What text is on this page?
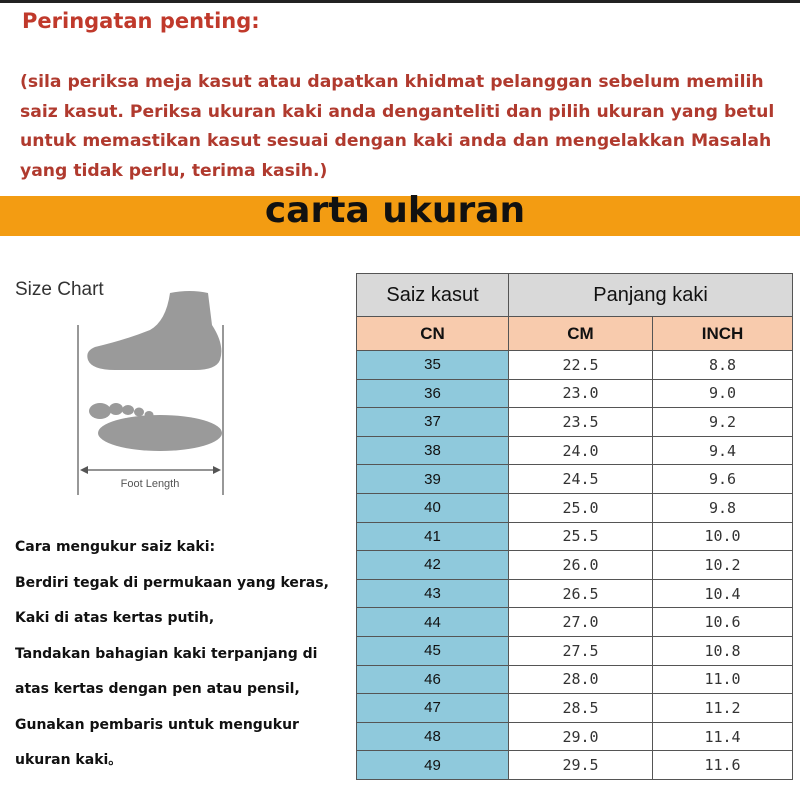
Peringatan penting:
(sila periksa meja kasut atau dapatkan khidmat pelanggan sebelum memilih
saiz kasut. Periksa ukuran kaki anda denganteliti dan pilih ukuran yang betul
untuk memastikan kasut sesuai dengan kaki anda dan mengelakkan Masalah
yang tidak perlu, terima kasih.)
carta ukuran
Size Chart
Foot Length
Cara mengukur saiz kaki:
Berdiri tegak di permukaan yang keras,
Kaki di atas kertas putih,
Tandakan bahagian kaki terpanjang di
atas kertas dengan pen atau pensil,
Gunakan pembaris untuk mengukur
ukuran kaki。
Saiz kasut	Panjang kaki	
CN	CM	INCH
35	22.5	8.8
36	23.0	9.0
37	23.5	9.2
38	24.0	9.4
39	24.5	9.6
40	25.0	9.8
41	25.5	10.0
42	26.0	10.2
43	26.5	10.4
44	27.0	10.6
45	27.5	10.8
46	28.0	11.0
47	28.5	11.2
48	29.0	11.4
49	29.5	11.6
